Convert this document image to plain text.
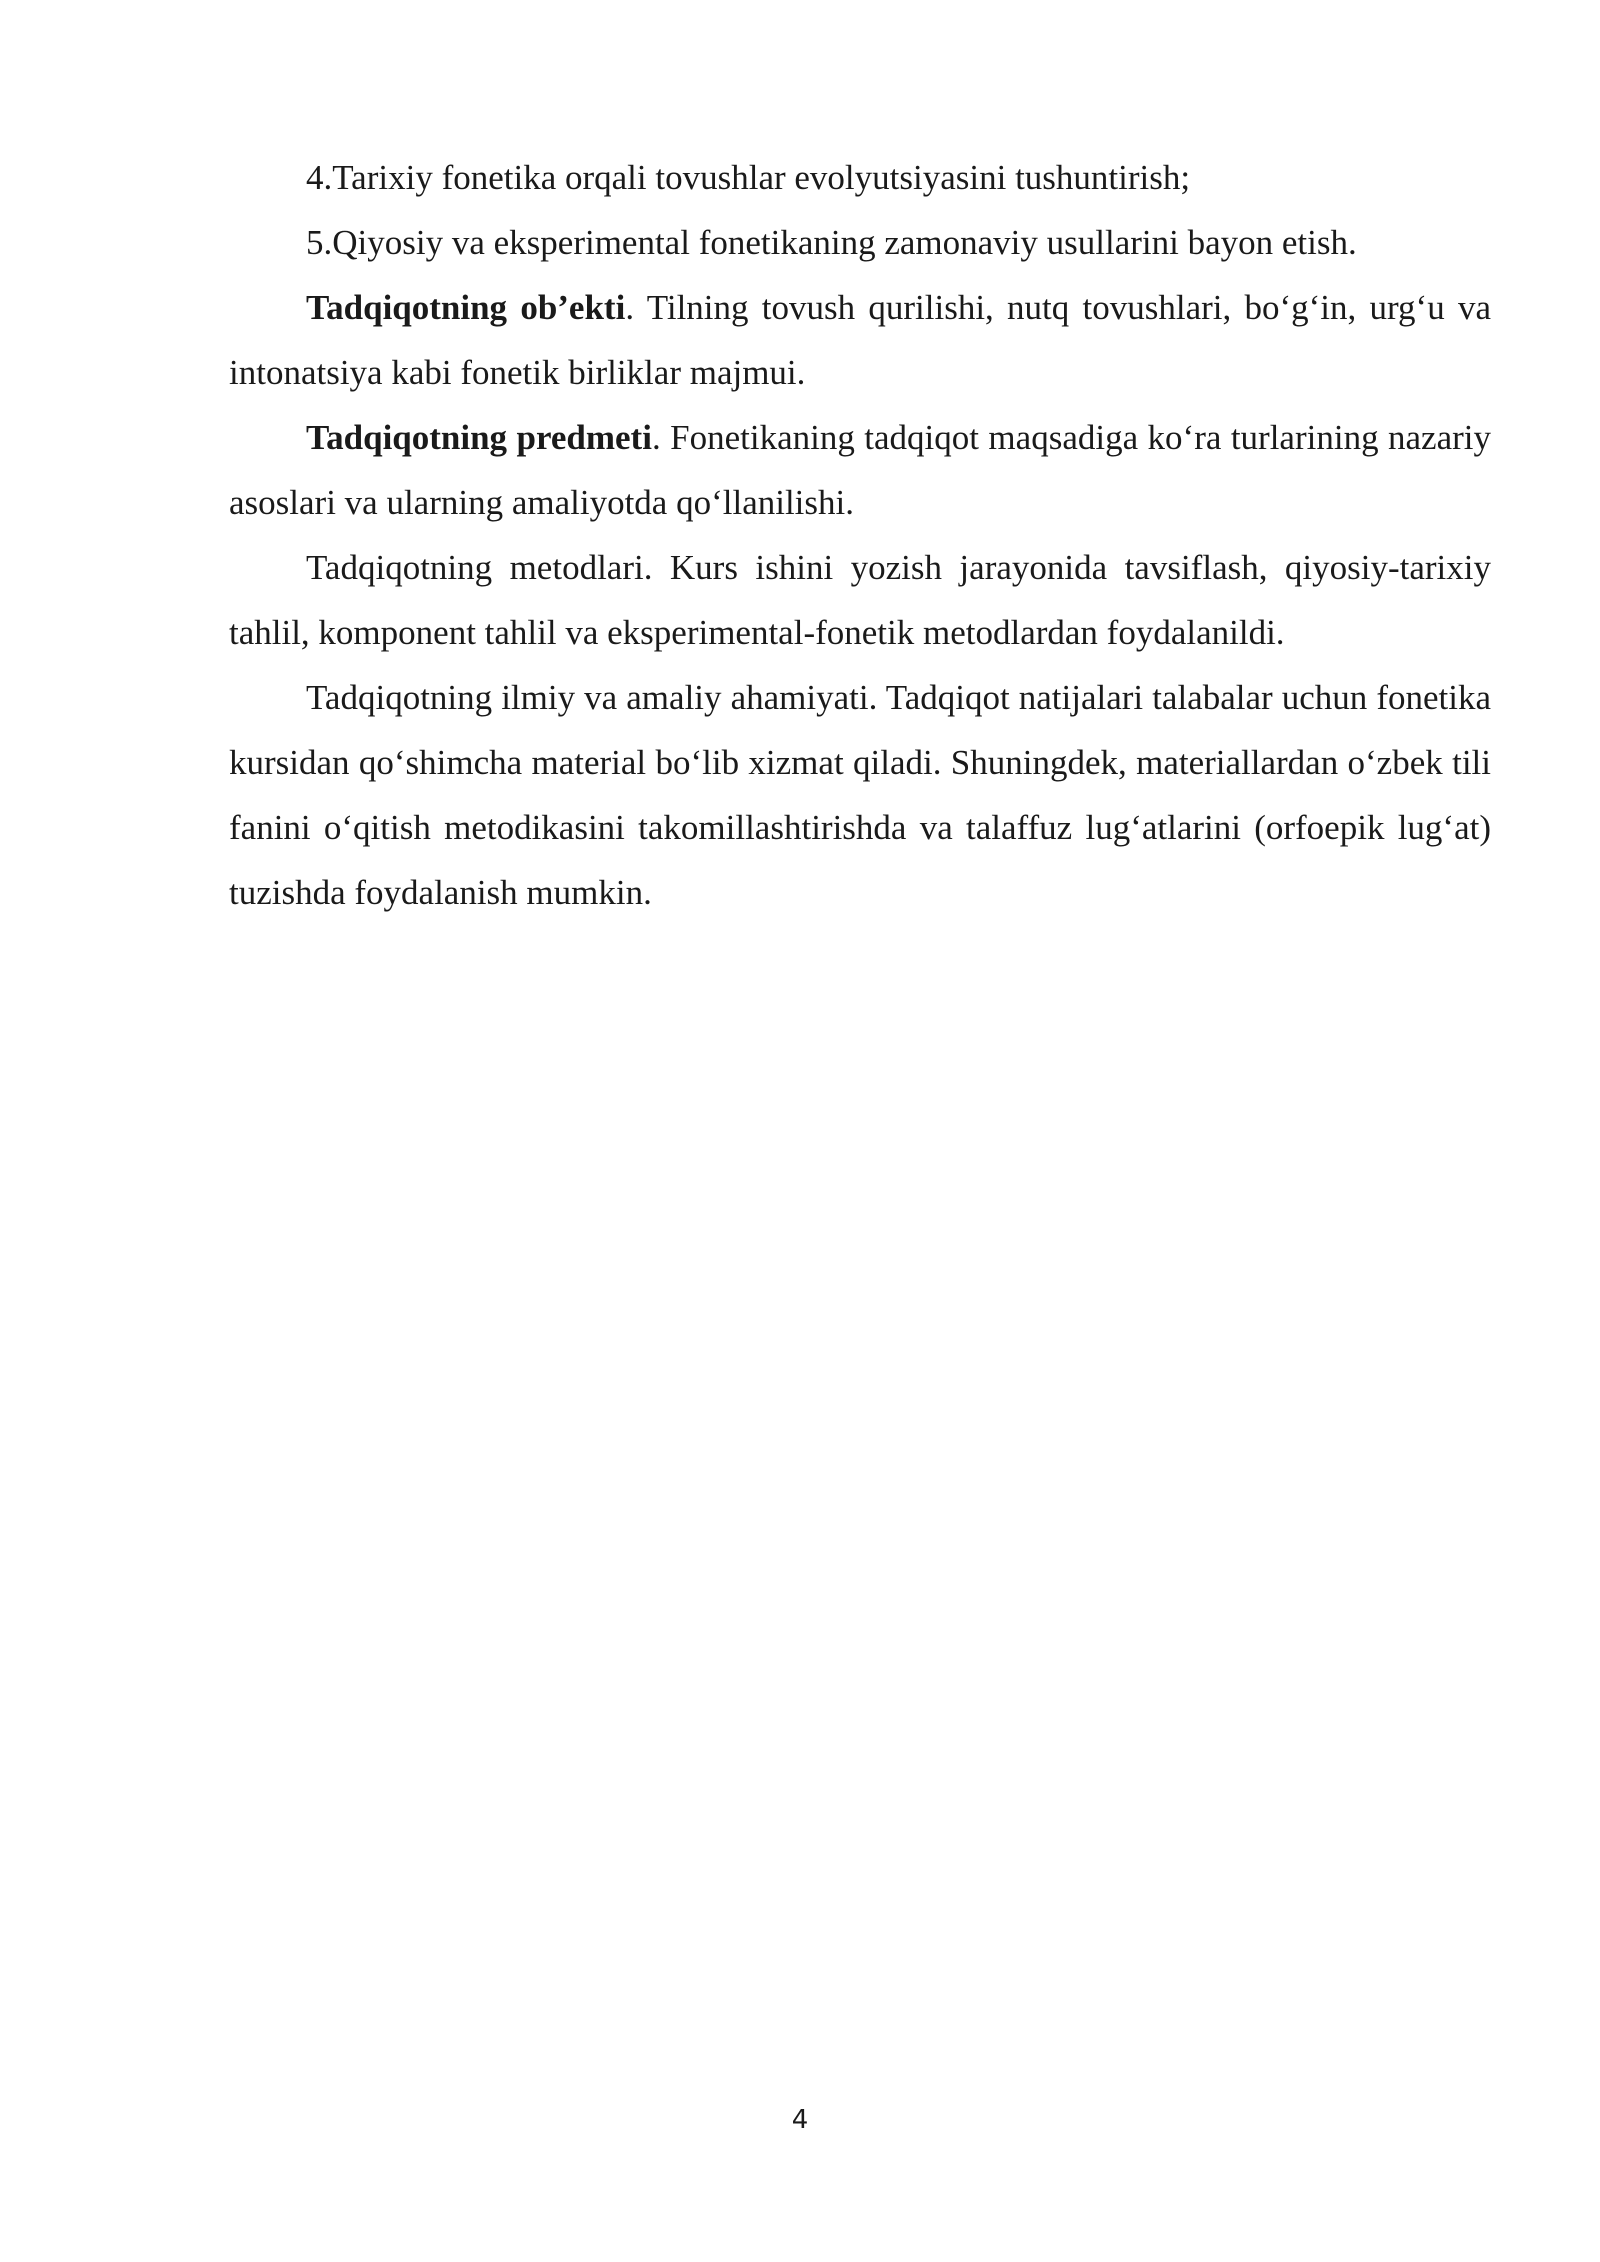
4.Tarixiy fonetika orqali tovushlar evolyutsiyasini tushuntirish;

5.Qiyosiy va eksperimental fonetikaning zamonaviy usullarini bayon etish.

Tadqiqotning ob’ekti. Tilning tovush qurilishi, nutq tovushlari, bo‘g‘in, urg‘u va intonatsiya kabi fonetik birliklar majmui.

Tadqiqotning predmeti. Fonetikaning tadqiqot maqsadiga ko‘ra turlarining nazariy asoslari va ularning amaliyotda qo‘llanilishi.

Tadqiqotning metodlari. Kurs ishini yozish jarayonida tavsiflash, qiyosiy-tarixiy tahlil, komponent tahlil va eksperimental-fonetik metodlardan foydalanildi.

Tadqiqotning ilmiy va amaliy ahamiyati. Tadqiqot natijalari talabalar uchun fonetika kursidan qo‘shimcha material bo‘lib xizmat qiladi. Shuningdek, materiallardan o‘zbek tili fanini o‘qitish metodikasini takomillashtirishda va talaffuz lug‘atlarini (orfoepik lug‘at) tuzishda foydalanish mumkin.

4
